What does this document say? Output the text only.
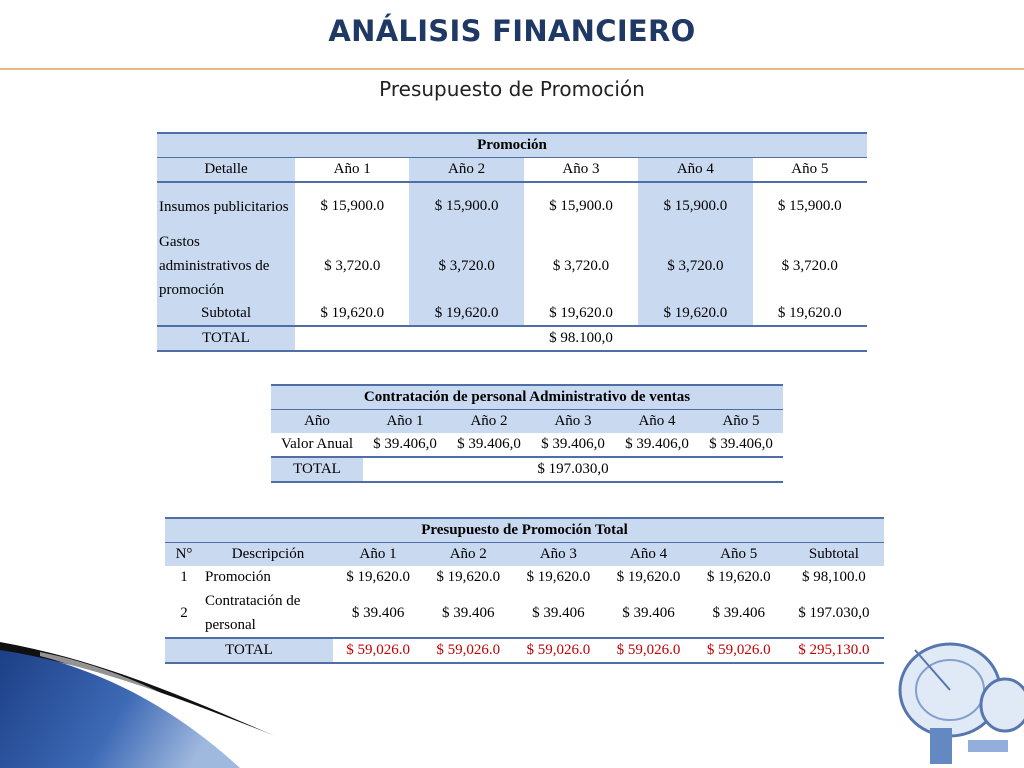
ANÁLISIS FINANCIERO
Presupuesto de Promoción
Promoción					
Detalle	Año 1	Año 2	Año 3	Año 4	Año 5
Insumos publicitarios	$ 15,900.0	$ 15,900.0	$ 15,900.0	$ 15,900.0	$ 15,900.0
Gastos administrativos de promoción	$ 3,720.0	$ 3,720.0	$ 3,720.0	$ 3,720.0	$ 3,720.0
Subtotal	$ 19,620.0	$ 19,620.0	$ 19,620.0	$ 19,620.0	$ 19,620.0
TOTAL	$ 98.100,0				
Contratación de personal Administrativo de ventas					
Año	Año 1	Año 2	Año 3	Año 4	Año 5
Valor Anual	$ 39.406,0	$ 39.406,0	$ 39.406,0	$ 39.406,0	$ 39.406,0
TOTAL	$ 197.030,0				
Presupuesto de Promoción Total							
N°	Descripción	Año 1	Año 2	Año 3	Año 4	Año 5	Subtotal
1	Promoción	$ 19,620.0	$ 19,620.0	$ 19,620.0	$ 19,620.0	$ 19,620.0	$ 98,100.0
2	Contratación de personal	$ 39.406	$ 39.406	$ 39.406	$ 39.406	$ 39.406	$ 197.030,0
TOTAL		$ 59,026.0	$ 59,026.0	$ 59,026.0	$ 59,026.0	$ 59,026.0	$ 295,130.0
